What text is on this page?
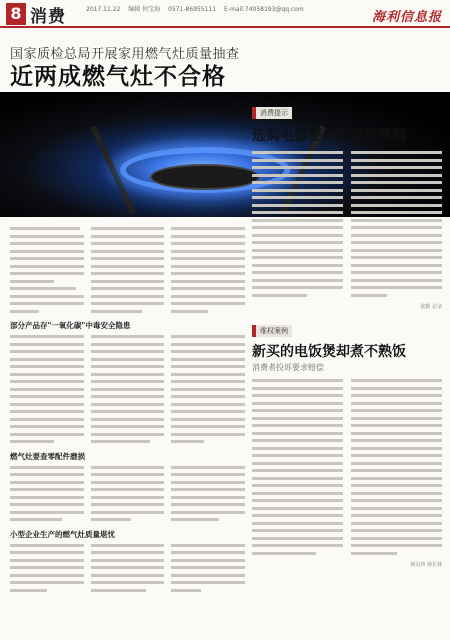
8 消费	2017.11.22 编辑 何宝海 0571-86955111 E-mail:74058193@qq.com
海利信息报
国家质检总局开展家用燃气灶质量抽查
近两成燃气灶不合格
部分产品存"一氧化碳"中毒安全隐患
燃气灶要查零配件磨损
小型企业生产的燃气灶质量堪忧
消费提示
选购电器要买正品留票据
张勤 记录
维权案例
新买的电饭煲却煮不熟饭
消费者投诉要求赔偿
杨冠涛 徐长林
